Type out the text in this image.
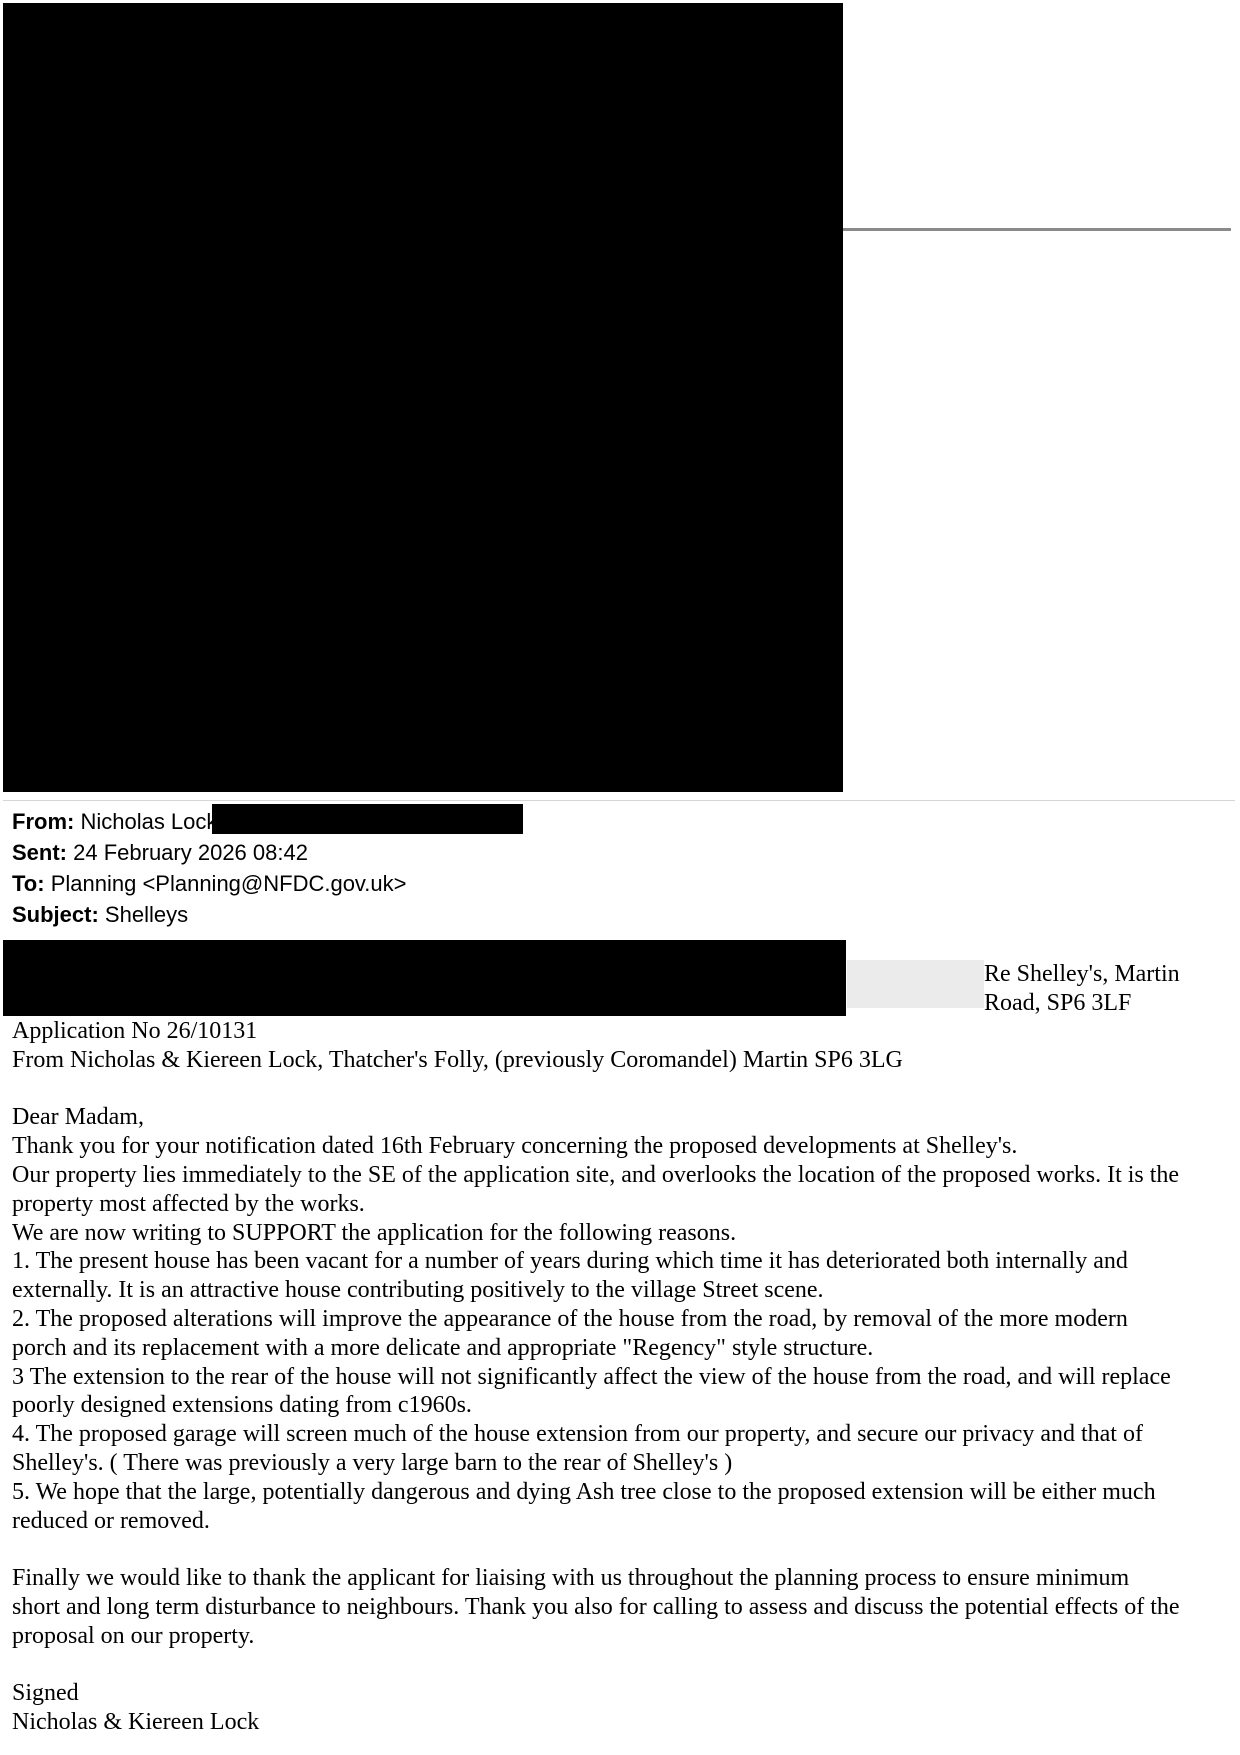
From: Nicholas Lock
Sent: 24 February 2026 08:42
To: Planning <Planning@NFDC.gov.uk>
Subject: Shelleys
Re Shelley's, Martin
Road, SP6 3LF
Application No 26/10131
From Nicholas & Kiereen Lock, Thatcher's Folly, (previously Coromandel) Martin SP6 3LG
Dear Madam,
Thank you for your notification dated 16th February concerning the proposed developments at Shelley's.
Our property lies immediately to the SE of the application site, and overlooks the location of the proposed works. It is the
property most affected by the works.
We are now writing to SUPPORT the application for the following reasons.
1. The present house has been vacant for a number of years during which time it has deteriorated both internally and
externally. It is an attractive house contributing positively to the village Street scene.
2. The proposed alterations will improve the appearance of the house from the road, by removal of the more modern
porch and its replacement with a more delicate and appropriate "Regency" style structure.
3 The extension to the rear of the house will not significantly affect the view of the house from the road, and will replace
poorly designed extensions dating from c1960s.
4. The proposed garage will screen much of the house extension from our property, and secure our privacy and that of
Shelley's. ( There was previously a very large barn to the rear of Shelley's )
5. We hope that the large, potentially dangerous and dying Ash tree close to the proposed extension will be either much
reduced or removed.
Finally we would like to thank the applicant for liaising with us throughout the planning process to ensure minimum
short and long term disturbance to neighbours. Thank you also for calling to assess and discuss the potential effects of the
proposal on our property.
Signed
Nicholas & Kiereen Lock
